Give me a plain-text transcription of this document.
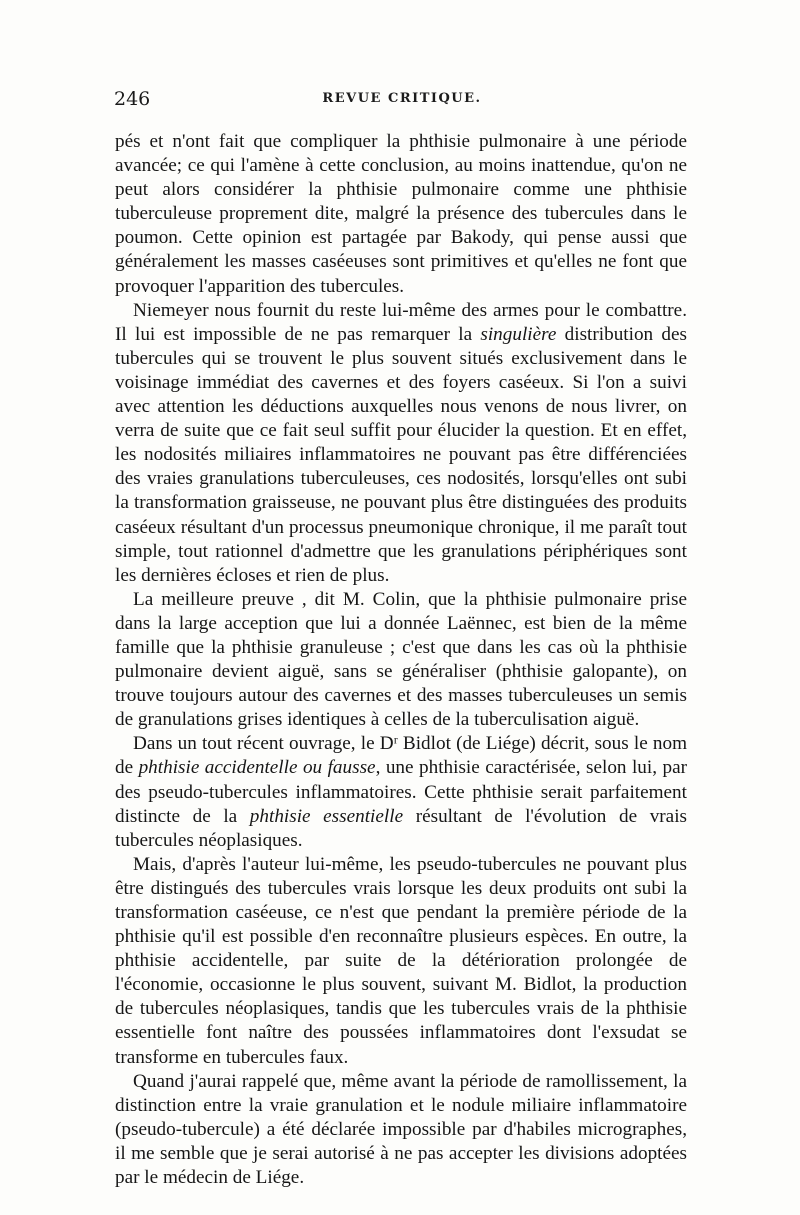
246	REVUE CRITIQUE.

pés et n'ont fait que compliquer la phthisie pulmonaire à une période avancée; ce qui l'amène à cette conclusion, au moins inattendue, qu'on ne peut alors considérer la phthisie pulmonaire comme une phthisie tuberculeuse proprement dite, malgré la présence des tubercules dans le poumon. Cette opinion est partagée par Bakody, qui pense aussi que généralement les masses caséeuses sont primitives et qu'elles ne font que provoquer l'apparition des tubercules.

Niemeyer nous fournit du reste lui-même des armes pour le combattre. Il lui est impossible de ne pas remarquer la singulière distribution des tubercules qui se trouvent le plus souvent situés exclusivement dans le voisinage immédiat des cavernes et des foyers caséeux. Si l'on a suivi avec attention les déductions auxquelles nous venons de nous livrer, on verra de suite que ce fait seul suffit pour élucider la question. Et en effet, les nodosités miliaires inflammatoires ne pouvant pas être différenciées des vraies granulations tuberculeuses, ces nodosités, lorsqu'elles ont subi la transformation graisseuse, ne pouvant plus être distinguées des produits caséeux résultant d'un processus pneumonique chronique, il me paraît tout simple, tout rationnel d'admettre que les granulations périphériques sont les dernières écloses et rien de plus.

La meilleure preuve , dit M. Colin, que la phthisie pulmonaire prise dans la large acception que lui a donnée Laënnec, est bien de la même famille que la phthisie granuleuse ; c'est que dans les cas où la phthisie pulmonaire devient aiguë, sans se généraliser (phthisie galopante), on trouve toujours autour des cavernes et des masses tuberculeuses un semis de granulations grises identiques à celles de la tuberculisation aiguë.

Dans un tout récent ouvrage, le Dʳ Bidlot (de Liége) décrit, sous le nom de phthisie accidentelle ou fausse, une phthisie caractérisée, selon lui, par des pseudo-tubercules inflammatoires. Cette phthisie serait parfaitement distincte de la phthisie essentielle résultant de l'évolution de vrais tubercules néoplasiques.

Mais, d'après l'auteur lui-même, les pseudo-tubercules ne pouvant plus être distingués des tubercules vrais lorsque les deux produits ont subi la transformation caséeuse, ce n'est que pendant la première période de la phthisie qu'il est possible d'en reconnaître plusieurs espèces. En outre, la phthisie accidentelle, par suite de la détérioration prolongée de l'économie, occasionne le plus souvent, suivant M. Bidlot, la production de tubercules néoplasiques, tandis que les tubercules vrais de la phthisie essentielle font naître des poussées inflammatoires dont l'exsudat se transforme en tubercules faux.

Quand j'aurai rappelé que, même avant la période de ramollissement, la distinction entre la vraie granulation et le nodule miliaire inflammatoire (pseudo-tubercule) a été déclarée impossible par d'habiles micrographes, il me semble que je serai autorisé à ne pas accepter les divisions adoptées par le médecin de Liége.
